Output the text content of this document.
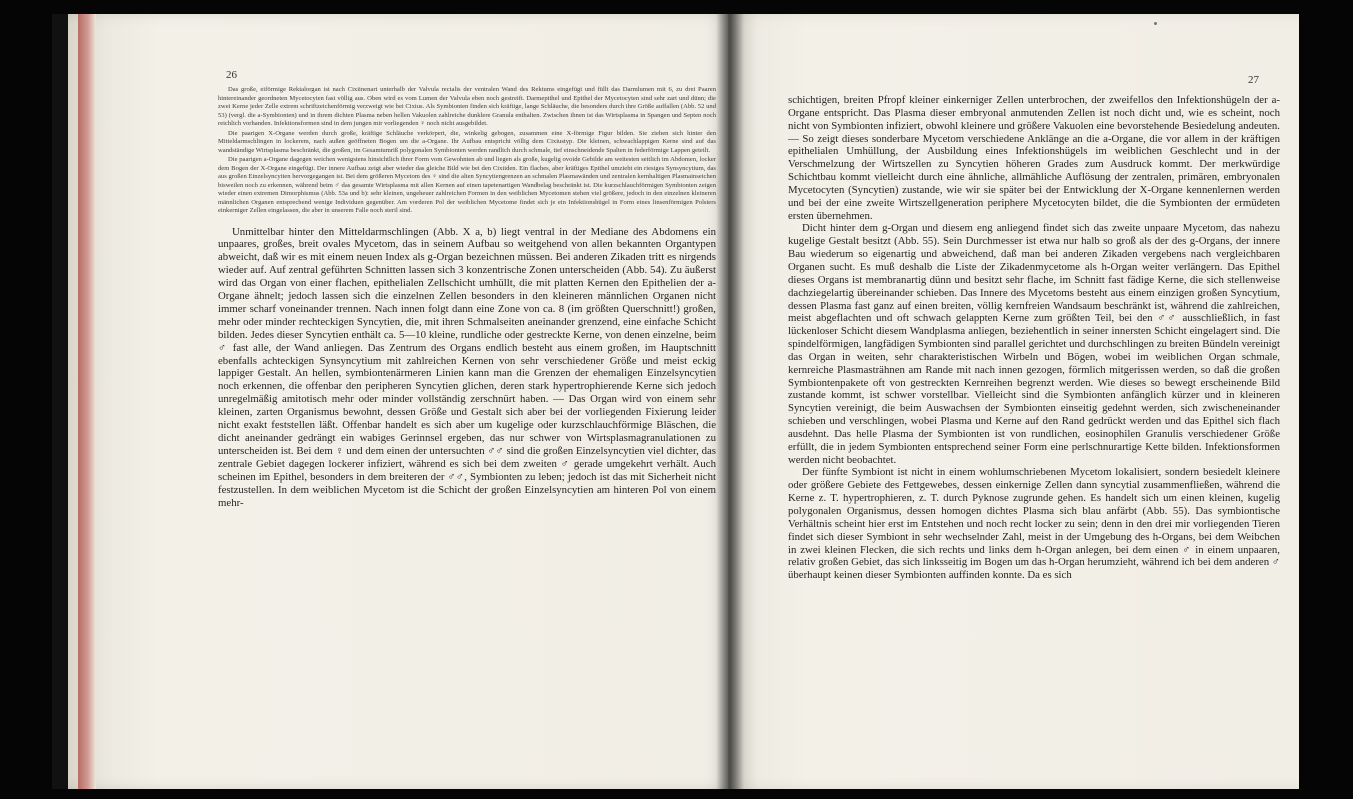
26

Das große, eiförmige Rektalorgan ist nach Cixiinenart unterhalb der Valvula rectalis der ventralen Wand des Rektums eingefügt und füllt das Darmlumen mit 6, zu drei Paaren hintereinander geordneten Mycetocyten fast völlig aus. Oben wird es vom Lumen der Valvula eben noch gestreift. Darmepithel und Epithel der Mycetocyten sind sehr zart und dünn; die zwei Kerne jeder Zelle extrem schriftzeichenförmig verzweigt wie bei Cixius. Als Symbionten finden sich kräftige, lange Schläuche, die besonders durch ihre Größe auffallen (Abb. 52 und 53) (vergl. die a-Symbionten) und in ihrem dichten Plasma neben hellen Vakuolen zahlreiche dunklere Granula enthalten. Zwischen ihnen ist das Wirtsplasma in Spangen und Septen noch reichlich vorhanden. Infektionsformen sind in dem jungen mir vorliegenden ♀ noch nicht ausgebildet.

Die paarigen X-Organe werden durch große, kräftige Schläuche verkörpert, die, winkelig gebogen, zusammen eine X-förmige Figur bilden. Sie ziehen sich hinter den Mitteldarmschlingen in lockerem, nach außen geöffneten Bogen um die a-Organe. Ihr Aufbau entspricht völlig dem Cixiustyp. Die kleinen, schwachlappigen Kerne sind auf das wandständige Wirtsplasma beschränkt, die großen, im Gesamtumriß polygonalen Symbionten werden randlich durch schmale, tief einschneidende Spalten in federförmige Lappen geteilt.

Die paarigen a-Organe dagegen weichen wenigstens hinsichtlich ihrer Form vom Gewohnten ab und liegen als große, kugelig ovoide Gebilde am weitesten seitlich im Abdomen, locker dem Bogen der X-Organe eingefügt. Der innere Aufbau zeigt aber wieder das gleiche Bild wie bei den Cixiiden. Ein flaches, aber kräftiges Epithel umzieht ein riesiges Synsyncytium, das aus großen Einzelsyncytien hervorgegangen ist. Bei dem größeren Mycetom des ♀ sind die alten Syncytiengrenzen an schmalen Plasmawänden und zentralen kernhaltigen Plasmainseichen bisweilen noch zu erkennen, während beim ♂ das gesamte Wirtsplasma mit allen Kernen auf einen tapetenartigen Wandbelag beschränkt ist. Die kurzschlauchförmigen Symbionten zeigen wieder einen extremen Dimorphismus (Abb. 53a und b): sehr kleinen, ungeheuer zahlreichen Formen in den weiblichen Mycetomen stehen viel größere, jedoch in den einzelnen kleineren männlichen Organen entsprechend wenige Individuen gegenüber. Am vorderen Pol der weiblichen Mycetome findet sich je ein Infektionshügel in Form eines linsenförmigen Polsters einkerniger Zellen eingelassen, die aber in unserem Falle noch steril sind.

Unmittelbar hinter den Mitteldarmschlingen (Abb. X a, b) liegt ventral in der Mediane des Abdomens ein unpaares, großes, breit ovales Mycetom, das in seinem Aufbau so weitgehend von allen bekannten Organtypen abweicht, daß wir es mit einem neuen Index als g-Organ bezeichnen müssen. Bei anderen Zikaden tritt es nirgends wieder auf. Auf zentral geführten Schnitten lassen sich 3 konzentrische Zonen unterscheiden (Abb. 54). Zu äußerst wird das Organ von einer flachen, epithelialen Zellschicht umhüllt, die mit platten Kernen den Epithelien der a-Organe ähnelt; jedoch lassen sich die einzelnen Zellen besonders in den kleineren männlichen Organen nicht immer scharf voneinander trennen. Nach innen folgt dann eine Zone von ca. 8 (im größten Querschnitt!) großen, mehr oder minder rechteckigen Syncytien, die, mit ihren Schmalseiten aneinander grenzend, eine einfache Schicht bilden. Jedes dieser Syncytien enthält ca. 5—10 kleine, rundliche oder gestreckte Kerne, von denen einzelne, beim ♂ fast alle, der Wand anliegen. Das Zentrum des Organs endlich besteht aus einem großen, im Hauptschnitt ebenfalls achteckigen Synsyncytium mit zahlreichen Kernen von sehr verschiedener Größe und meist eckig lappiger Gestalt. An hellen, symbiontenärmeren Linien kann man die Grenzen der ehemaligen Einzelsyncytien noch erkennen, die offenbar den peripheren Syncytien glichen, deren stark hypertrophierende Kerne sich jedoch unregelmäßig amitotisch mehr oder minder vollständig zerschnürt haben. — Das Organ wird von einem sehr kleinen, zarten Organismus bewohnt, dessen Größe und Gestalt sich aber bei der vorliegenden Fixierung leider nicht exakt feststellen läßt. Offenbar handelt es sich aber um kugelige oder kurzschlauchförmige Bläschen, die dicht aneinander gedrängt ein wabiges Gerinnsel ergeben, das nur schwer von Wirtsplasmagranulationen zu unterscheiden ist. Bei dem ♀ und dem einen der untersuchten ♂♂ sind die großen Einzelsyncytien viel dichter, das zentrale Gebiet dagegen lockerer infiziert, während es sich bei dem zweiten ♂ gerade umgekehrt verhält. Auch scheinen im Epithel, besonders in dem breiteren der ♂♂, Symbionten zu leben; jedoch ist das mit Sicherheit nicht festzustellen. In dem weiblichen Mycetom ist die Schicht der großen Einzelsyncytien am hinteren Pol von einem mehr-

27

schichtigen, breiten Pfropf kleiner einkerniger Zellen unterbrochen, der zweifellos den Infektionshügeln der a-Organe entspricht. Das Plasma dieser embryonal anmutenden Zellen ist noch dicht und, wie es scheint, noch nicht von Symbionten infiziert, obwohl kleinere und größere Vakuolen eine bevorstehende Besiedelung andeuten. — So zeigt dieses sonderbare Mycetom verschiedene Anklänge an die a-Organe, die vor allem in der kräftigen epithelialen Umhüllung, der Ausbildung eines Infektionshügels im weiblichen Geschlecht und in der Verschmelzung der Wirtszellen zu Syncytien höheren Grades zum Ausdruck kommt. Der merkwürdige Schichtbau kommt vielleicht durch eine ähnliche, allmähliche Auflösung der zentralen, primären, embryonalen Mycetocyten (Syncytien) zustande, wie wir sie später bei der Entwicklung der X-Organe kennenlernen werden und bei der eine zweite Wirtszellgeneration periphere Mycetocyten bildet, die die Symbionten der ermüdeten ersten übernehmen.

Dicht hinter dem g-Organ und diesem eng anliegend findet sich das zweite unpaare Mycetom, das nahezu kugelige Gestalt besitzt (Abb. 55). Sein Durchmesser ist etwa nur halb so groß als der des g-Organs, der innere Bau wiederum so eigenartig und abweichend, daß man bei anderen Zikaden vergebens nach vergleichbaren Organen sucht. Es muß deshalb die Liste der Zikadenmycetome als h-Organ weiter verlängern. Das Epithel dieses Organs ist membranartig dünn und besitzt sehr flache, im Schnitt fast fädige Kerne, die sich stellenweise dachziegelartig übereinander schieben. Das Innere des Mycetoms besteht aus einem einzigen großen Syncytium, dessen Plasma fast ganz auf einen breiten, völlig kernfreien Wandsaum beschränkt ist, während die zahlreichen, meist abgeflachten und oft schwach gelappten Kerne zum größten Teil, bei den ♂♂ ausschließlich, in fast lückenloser Schicht diesem Wandplasma anliegen, beziehentlich in seiner innersten Schicht eingelagert sind. Die spindelförmigen, langfädigen Symbionten sind parallel gerichtet und durchschlingen zu breiten Bündeln vereinigt das Organ in weiten, sehr charakteristischen Wirbeln und Bögen, wobei im weiblichen Organ schmale, kernreiche Plasmasträhnen am Rande mit nach innen gezogen, förmlich mitgerissen werden, so daß die großen Symbiontenpakete oft von gestreckten Kernreihen begrenzt werden. Wie dieses so bewegt erscheinende Bild zustande kommt, ist schwer vorstellbar. Vielleicht sind die Symbionten anfänglich kürzer und in kleineren Syncytien vereinigt, die beim Auswachsen der Symbionten einseitig gedehnt werden, sich zwischeneinander schieben und verschlingen, wobei Plasma und Kerne auf den Rand gedrückt werden und das Epithel sich flach ausdehnt. Das helle Plasma der Symbionten ist von rundlichen, eosinophilen Granulis verschiedener Größe erfüllt, die in jedem Symbionten entsprechend seiner Form eine perlschnurartige Kette bilden. Infektionsformen werden nicht beobachtet.

Der fünfte Symbiont ist nicht in einem wohlumschriebenen Mycetom lokalisiert, sondern besiedelt kleinere oder größere Gebiete des Fettgewebes, dessen einkernige Zellen dann syncytial zusammenfließen, während die Kerne z. T. hypertrophieren, z. T. durch Pyknose zugrunde gehen. Es handelt sich um einen kleinen, kugelig polygonalen Organismus, dessen homogen dichtes Plasma sich blau anfärbt (Abb. 55). Das symbiontische Verhältnis scheint hier erst im Entstehen und noch recht locker zu sein; denn in den drei mir vorliegenden Tieren findet sich dieser Symbiont in sehr wechselnder Zahl, meist in der Umgebung des h-Organs, bei dem Weibchen in zwei kleinen Flecken, die sich rechts und links dem h-Organ anlegen, bei dem einen ♂ in einem unpaaren, relativ großen Gebiet, das sich linksseitig im Bogen um das h-Organ herumzieht, während ich bei dem anderen ♂ überhaupt keinen dieser Symbionten auffinden konnte. Da es sich
